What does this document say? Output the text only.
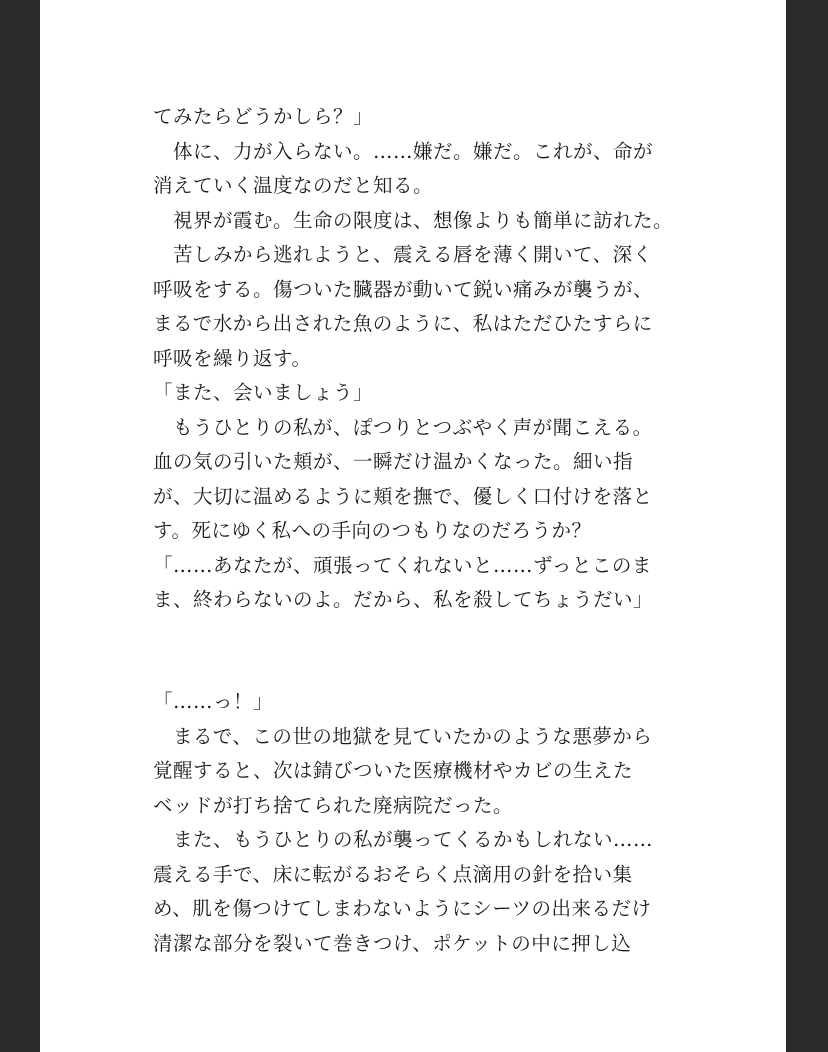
てみたらどうかしら？」
　体に、力が入らない。……嫌だ。嫌だ。これが、命が
消えていく温度なのだと知る。
　視界が霞む。生命の限度は、想像よりも簡単に訪れた。
　苦しみから逃れようと、震える唇を薄く開いて、深く
呼吸をする。傷ついた臓器が動いて鋭い痛みが襲うが、
まるで水から出された魚のように、私はただひたすらに
呼吸を繰り返す。
「また、会いましょう」
　もうひとりの私が、ぽつりとつぶやく声が聞こえる。
血の気の引いた頬が、一瞬だけ温かくなった。細い指
が、大切に温めるように頬を撫で、優しく口付けを落と
す。死にゆく私への手向のつもりなのだろうか？
「……あなたが、頑張ってくれないと……ずっとこのま
ま、終わらないのよ。だから、私を殺してちょうだい」
「……っ！」
　まるで、この世の地獄を見ていたかのような悪夢から
覚醒すると、次は錆びついた医療機材やカビの生えた
ベッドが打ち捨てられた廃病院だった。
　また、もうひとりの私が襲ってくるかもしれない……
震える手で、床に転がるおそらく点滴用の針を拾い集
め、肌を傷つけてしまわないようにシーツの出来るだけ
清潔な部分を裂いて巻きつけ、ポケットの中に押し込
